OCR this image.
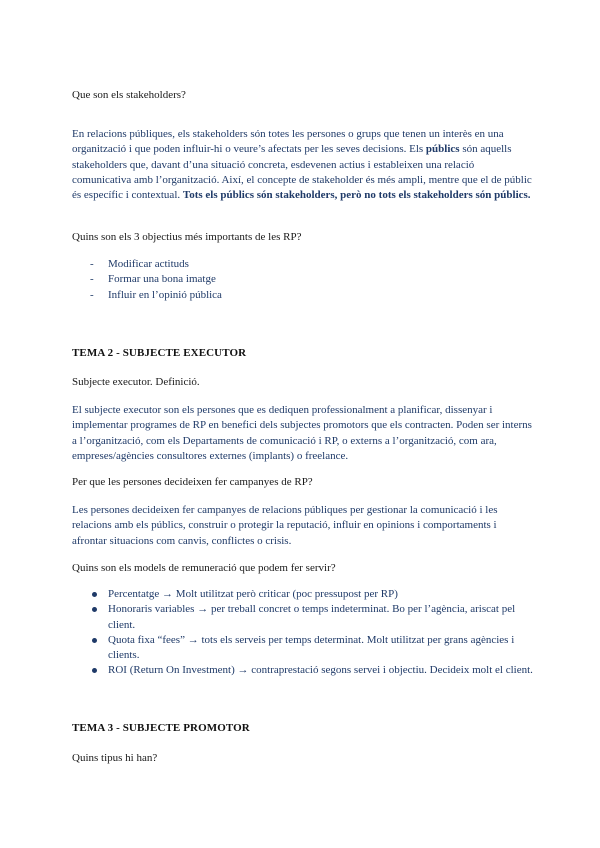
Que son els stakeholders?

En relacions públiques, els stakeholders són totes les persones o grups que tenen un interès en una organització i que poden influir-hi o veure’s afectats per les seves decisions. Els públics són aquells stakeholders que, davant d’una situació concreta, esdevenen actius i estableixen una relació comunicativa amb l’organització. Així, el concepte de stakeholder és més ampli, mentre que el de públic és específic i contextual. Tots els públics són stakeholders, però no tots els stakeholders són públics.

Quins son els 3 objectius més importants de les RP?

- Modificar actituds
- Formar una bona imatge
- Influir en l’opinió pública

TEMA 2 - SUBJECTE EXECUTOR

Subjecte executor. Definició.

El subjecte executor son els persones que es dediquen professionalment a planificar, dissenyar i implementar programes de RP en benefici dels subjectes promotors que els contracten. Poden ser interns a l’organització, com els Departaments de comunicació i RP, o externs a l’organització, com ara, empreses/agències consultores externes (implants) o freelance.

Per que les persones decideixen fer campanyes de RP?

Les persones decideixen fer campanyes de relacions públiques per gestionar la comunicació i les relacions amb els públics, construir o protegir la reputació, influir en opinions i comportaments i afrontar situacions com canvis, conflictes o crisis.

Quins son els models de remuneració que podem fer servir?

Percentatge → Molt utilitzat però criticar (poc pressupost per RP)
Honoraris variables → per treball concret o temps indeterminat. Bo per l’agència, ariscat pel client.
Quota fixa “fees” → tots els serveis per temps determinat. Molt utilitzat per grans agències i clients.
ROI (Return On Investment) → contraprestació segons servei i objectiu. Decideix molt el client.

TEMA 3 - SUBJECTE PROMOTOR

Quins tipus hi han?
